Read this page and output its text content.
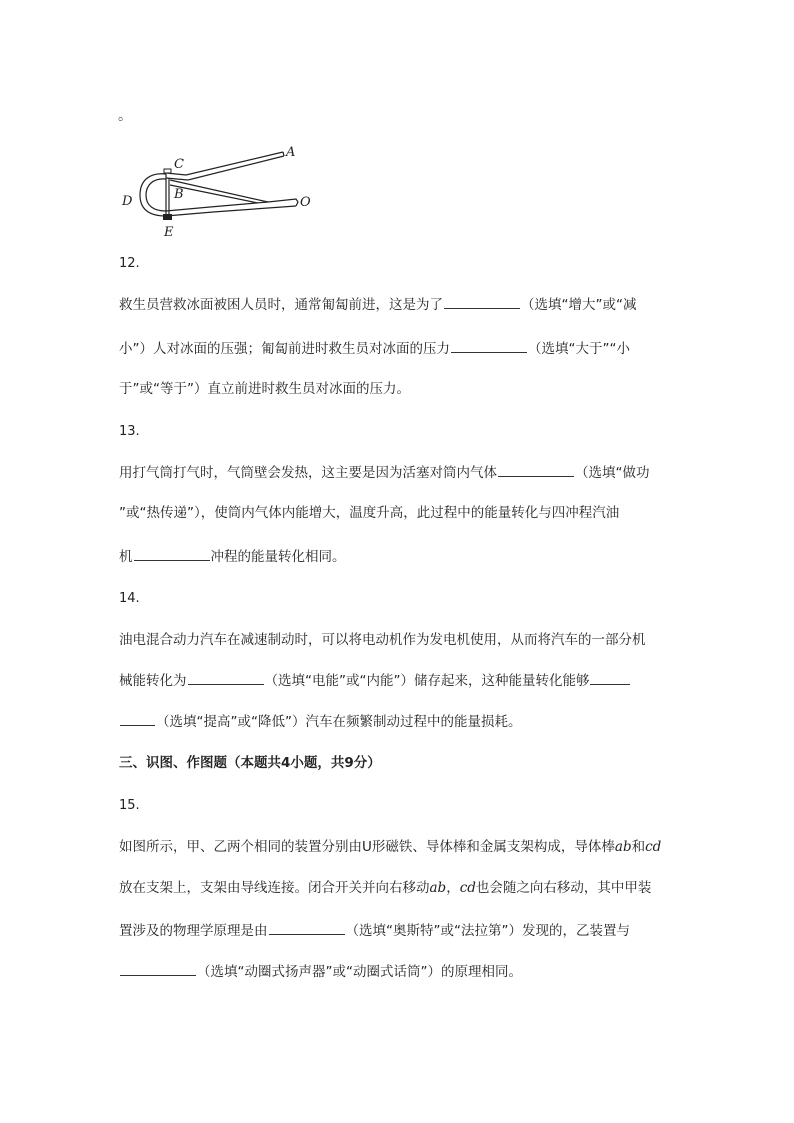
。
A
B
C
D
E
O
12.
救生员营救冰面被困人员时，通常匍匐前进，这是为了	（选填“增大”或“减
小”）人对冰面的压强；匍匐前进时救生员对冰面的压力	（选填“大于”“小
于”或“等于”）直立前进时救生员对冰面的压力。
13.
用打气筒打气时，气筒壁会发热，这主要是因为活塞对筒内气体	（选填“做功
”或“热传递”），使筒内气体内能增大，温度升高，此过程中的能量转化与四冲程汽油
机	冲程的能量转化相同。
14.
油电混合动力汽车在减速制动时，可以将电动机作为发电机使用，从而将汽车的一部分机
械能转化为	（选填“电能”或“内能”）储存起来，这种能量转化能够
（选填“提高”或“降低”）汽车在频繁制动过程中的能量损耗。
三、识图、作图题（本题共4小题，共9分）
15.
如图所示，甲、乙两个相同的装置分别由U形磁铁、导体棒和金属支架构成，导体棒ab和cd
放在支架上，支架由导线连接。闭合开关并向右移动ab，cd也会随之向右移动，其中甲装
置涉及的物理学原理是由	（选填“奥斯特”或“法拉第”）发现的，乙装置与
（选填“动圈式扬声器”或“动圈式话筒”）的原理相同。
